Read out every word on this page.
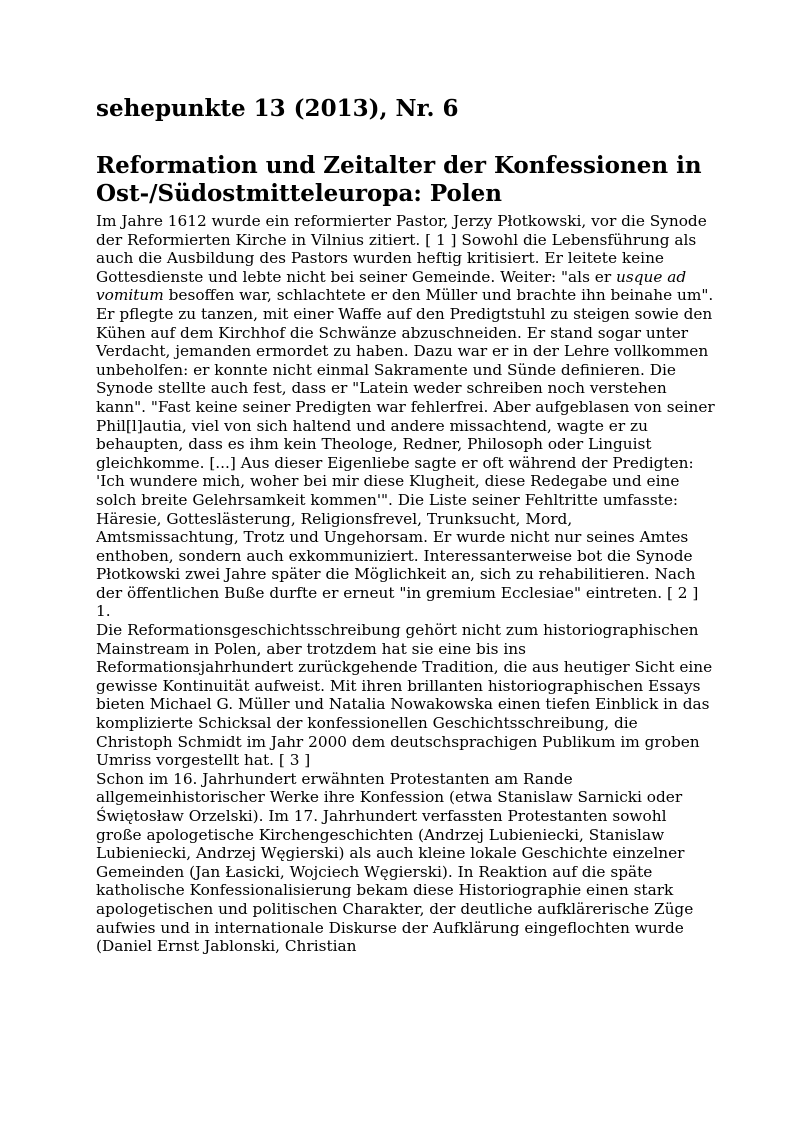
sehepunkte 13 (2013), Nr. 6
Reformation und Zeitalter der Konfessionen in Ost-/Südostmitteleuropa: Polen

Im Jahre 1612 wurde ein reformierter Pastor, Jerzy Płotkowski, vor die Synode der Reformierten Kirche in Vilnius zitiert. [ 1 ] Sowohl die Lebensführung als auch die Ausbildung des Pastors wurden heftig kritisiert. Er leitete keine Gottesdienste und lebte nicht bei seiner Gemeinde. Weiter: "als er usque ad vomitum besoffen war, schlachtete er den Müller und brachte ihn beinahe um". Er pflegte zu tanzen, mit einer Waffe auf den Predigtstuhl zu steigen sowie den Kühen auf dem Kirchhof die Schwänze abzuschneiden. Er stand sogar unter Verdacht, jemanden ermordet zu haben. Dazu war er in der Lehre vollkommen unbeholfen: er konnte nicht einmal Sakramente und Sünde definieren. Die Synode stellte auch fest, dass er "Latein weder schreiben noch verstehen kann". "Fast keine seiner Predigten war fehlerfrei. Aber aufgeblasen von seiner Phil[l]autia, viel von sich haltend und andere missachtend, wagte er zu behaupten, dass es ihm kein Theologe, Redner, Philosoph oder Linguist gleichkomme. [...] Aus dieser Eigenliebe sagte er oft während der Predigten: 'Ich wundere mich, woher bei mir diese Klugheit, diese Redegabe und eine solch breite Gelehrsamkeit kommen'". Die Liste seiner Fehltritte umfasste: Häresie, Gotteslästerung, Religionsfrevel, Trunksucht, Mord, Amtsmissachtung, Trotz und Ungehorsam. Er wurde nicht nur seines Amtes enthoben, sondern auch exkommuniziert. Interessanterweise bot die Synode Płotkowski zwei Jahre später die Möglichkeit an, sich zu rehabilitieren. Nach der öffentlichen Buße durfte er erneut "in gremium Ecclesiae" eintreten. [ 2 ]

1.

Die Reformationsgeschichtsschreibung gehört nicht zum historiographischen Mainstream in Polen, aber trotzdem hat sie eine bis ins Reformationsjahrhundert zurückgehende Tradition, die aus heutiger Sicht eine gewisse Kontinuität aufweist. Mit ihren brillanten historiographischen Essays bieten Michael G. Müller und Natalia Nowakowska einen tiefen Einblick in das komplizierte Schicksal der konfessionellen Geschichtsschreibung, die Christoph Schmidt im Jahr 2000 dem deutschsprachigen Publikum im groben Umriss vorgestellt hat. [ 3 ]

Schon im 16. Jahrhundert erwähnten Protestanten am Rande allgemeinhistorischer Werke ihre Konfession (etwa Stanislaw Sarnicki oder Świętosław Orzelski). Im 17. Jahrhundert verfassten Protestanten sowohl große apologetische Kirchengeschichten (Andrzej Lubieniecki, Stanislaw Lubieniecki, Andrzej Węgierski) als auch kleine lokale Geschichte einzelner Gemeinden (Jan Łasicki, Wojciech Węgierski). In Reaktion auf die späte katholische Konfessionalisierung bekam diese Historiographie einen stark apologetischen und politischen Charakter, der deutliche aufklärerische Züge aufwies und in internationale Diskurse der Aufklärung eingeflochten wurde (Daniel Ernst Jablonski, Christian
